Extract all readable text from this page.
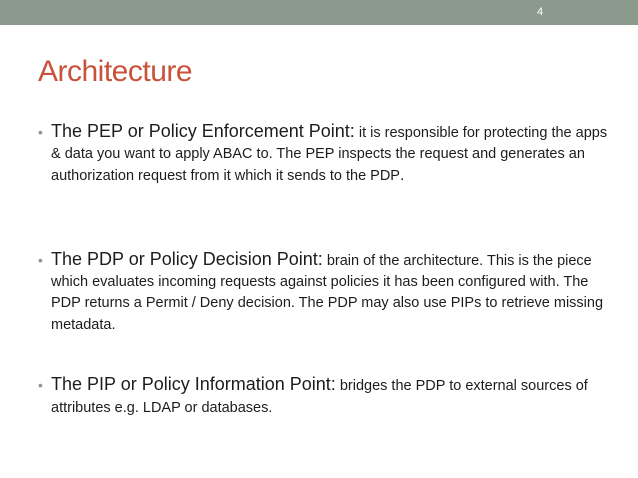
4
Architecture
• The PEP or Policy Enforcement Point: it is responsible for protecting the apps & data you want to apply ABAC to. The PEP inspects the request and generates an authorization request from it which it sends to the PDP.
• The PDP or Policy Decision Point: brain of the architecture. This is the piece which evaluates incoming requests against policies it has been configured with. The PDP returns a Permit / Deny decision. The PDP may also use PIPs to retrieve missing metadata.
• The PIP or Policy Information Point: bridges the PDP to external sources of attributes e.g. LDAP or databases.
